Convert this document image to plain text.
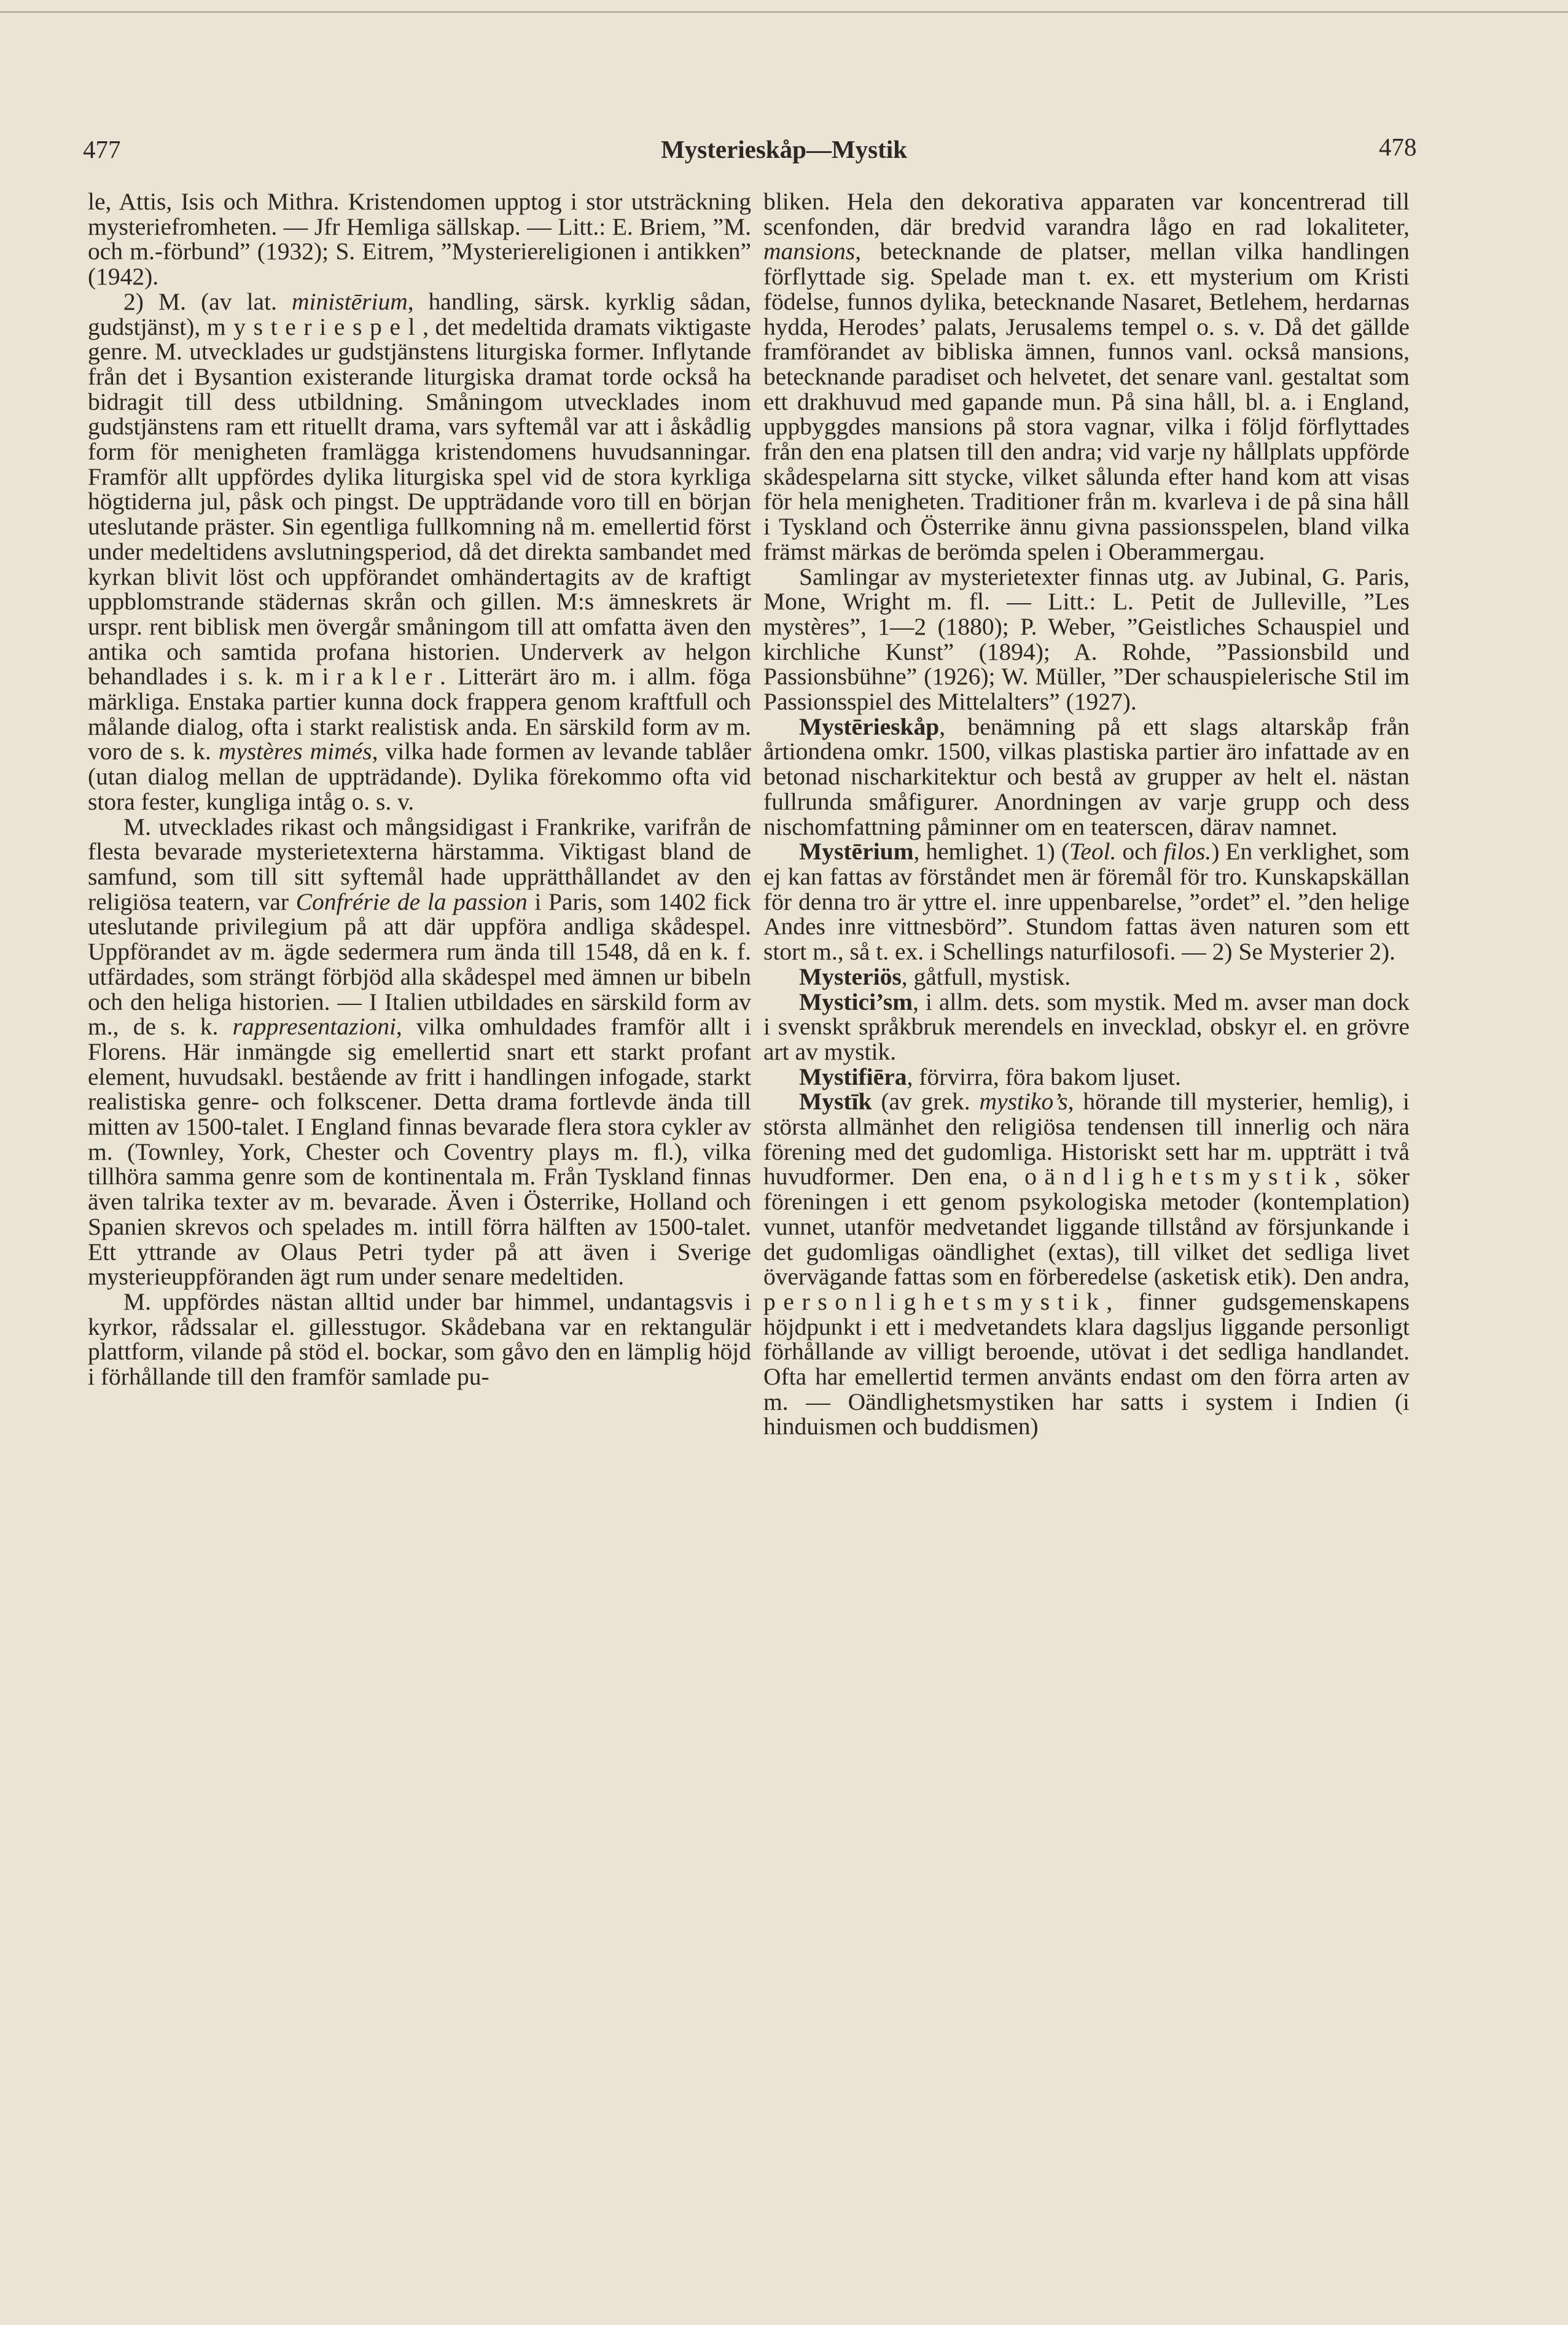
477	Mysterieskåp—Mystik	478

le, Attis, Isis och Mithra. Kristendomen upptog i stor utsträckning mysteriefromheten. — Jfr Hemliga sällskap. — Litt.: E. Briem, ”M. och m.-förbund” (1932); S. Eitrem, ”Mysteriereligionen i antikken” (1942).

2) M. (av lat. ministērium, handling, särsk. kyrklig sådan, gudstjänst), mysteriespel, det medeltida dramats viktigaste genre. M. utvecklades ur gudstjänstens liturgiska former. Inflytande från det i Bysantion existerande liturgiska dramat torde också ha bidragit till dess utbildning. Småningom utvecklades inom gudstjänstens ram ett rituellt drama, vars syftemål var att i åskådlig form för menigheten framlägga kristendomens huvudsanningar. Framför allt uppfördes dylika liturgiska spel vid de stora kyrkliga högtiderna jul, påsk och pingst. De uppträdande voro till en början uteslutande präster. Sin egentliga fullkomning nå m. emellertid först under medeltidens avslutningsperiod, då det direkta sambandet med kyrkan blivit löst och uppförandet omhändertagits av de kraftigt uppblomstrande städernas skrån och gillen. M:s ämneskrets är urspr. rent biblisk men övergår småningom till att omfatta även den antika och samtida profana historien. Underverk av helgon behandlades i s. k. mirakler. Litterärt äro m. i allm. föga märkliga. Enstaka partier kunna dock frappera genom kraftfull och målande dialog, ofta i starkt realistisk anda. En särskild form av m. voro de s. k. mystères mimés, vilka hade formen av levande tablåer (utan dialog mellan de uppträdande). Dylika förekommo ofta vid stora fester, kungliga intåg o. s. v.

M. utvecklades rikast och mångsidigast i Frankrike, varifrån de flesta bevarade mysterietexterna härstamma. Viktigast bland de samfund, som till sitt syftemål hade upprätthållandet av den religiösa teatern, var Confrérie de la passion i Paris, som 1402 fick uteslutande privilegium på att där uppföra andliga skådespel. Uppförandet av m. ägde sedermera rum ända till 1548, då en k. f. utfärdades, som strängt förbjöd alla skådespel med ämnen ur bibeln och den heliga historien. — I Italien utbildades en särskild form av m., de s. k. rappresentazioni, vilka omhuldades framför allt i Florens. Här inmängde sig emellertid snart ett starkt profant element, huvudsakl. bestående av fritt i handlingen infogade, starkt realistiska genre- och folkscener. Detta drama fortlevde ända till mitten av 1500-talet. I England finnas bevarade flera stora cykler av m. (Townley, York, Chester och Coventry plays m. fl.), vilka tillhöra samma genre som de kontinentala m. Från Tyskland finnas även talrika texter av m. bevarade. Även i Österrike, Holland och Spanien skrevos och spelades m. intill förra hälften av 1500-talet. Ett yttrande av Olaus Petri tyder på att även i Sverige mysterieuppföranden ägt rum under senare medeltiden.

M. uppfördes nästan alltid under bar himmel, undantagsvis i kyrkor, rådssalar el. gillesstugor. Skådebana var en rektangulär plattform, vilande på stöd el. bockar, som gåvo den en lämplig höjd i förhållande till den framför samlade pu-

bliken. Hela den dekorativa apparaten var koncentrerad till scenfonden, där bredvid varandra lågo en rad lokaliteter, mansions, betecknande de platser, mellan vilka handlingen förflyttade sig. Spelade man t. ex. ett mysterium om Kristi födelse, funnos dylika, betecknande Nasaret, Betlehem, herdarnas hydda, Herodes’ palats, Jerusalems tempel o. s. v. Då det gällde framförandet av bibliska ämnen, funnos vanl. också mansions, betecknande paradiset och helvetet, det senare vanl. gestaltat som ett drakhuvud med gapande mun. På sina håll, bl. a. i England, uppbyggdes mansions på stora vagnar, vilka i följd förflyttades från den ena platsen till den andra; vid varje ny hållplats uppförde skådespelarna sitt stycke, vilket sålunda efter hand kom att visas för hela menigheten. Traditioner från m. kvarleva i de på sina håll i Tyskland och Österrike ännu givna passionsspelen, bland vilka främst märkas de berömda spelen i Oberammergau.

Samlingar av mysterietexter finnas utg. av Jubinal, G. Paris, Mone, Wright m. fl. — Litt.: L. Petit de Julleville, ”Les mystères”, 1—2 (1880); P. Weber, ”Geistliches Schauspiel und kirchliche Kunst” (1894); A. Rohde, ”Passionsbild und Passionsbühne” (1926); W. Müller, ”Der schauspielerische Stil im Passionsspiel des Mittelalters” (1927).

Mystērieskåp, benämning på ett slags altarskåp från årtiondena omkr. 1500, vilkas plastiska partier äro infattade av en betonad nischarkitektur och bestå av grupper av helt el. nästan fullrunda småfigurer. Anordningen av varje grupp och dess nischomfattning påminner om en teaterscen, därav namnet.

Mystērium, hemlighet. 1) (Teol. och filos.) En verklighet, som ej kan fattas av förståndet men är föremål för tro. Kunskapskällan för denna tro är yttre el. inre uppenbarelse, ”ordet” el. ”den helige Andes inre vittnesbörd”. Stundom fattas även naturen som ett stort m., så t. ex. i Schellings naturfilosofi. — 2) Se Mysterier 2).

Mysteriös, gåtfull, mystisk.

Mystici’sm, i allm. dets. som mystik. Med m. avser man dock i svenskt språkbruk merendels en invecklad, obskyr el. en grövre art av mystik.

Mystifiēra, förvirra, föra bakom ljuset.

Mystīk (av grek. mystiko’s, hörande till mysterier, hemlig), i största allmänhet den religiösa tendensen till innerlig och nära förening med det gudomliga. Historiskt sett har m. uppträtt i två huvudformer. Den ena, oändlighetsmystik, söker föreningen i ett genom psykologiska metoder (kontemplation) vunnet, utanför medvetandet liggande tillstånd av försjunkande i det gudomligas oändlighet (extas), till vilket det sedliga livet övervägande fattas som en förberedelse (asketisk etik). Den andra, personlighetsmystik, finner gudsgemenskapens höjdpunkt i ett i medvetandets klara dagsljus liggande personligt förhållande av villigt beroende, utövat i det sedliga handlandet. Ofta har emellertid termen använts endast om den förra arten av m. — Oändlighetsmystiken har satts i system i Indien (i hinduismen och buddismen)
